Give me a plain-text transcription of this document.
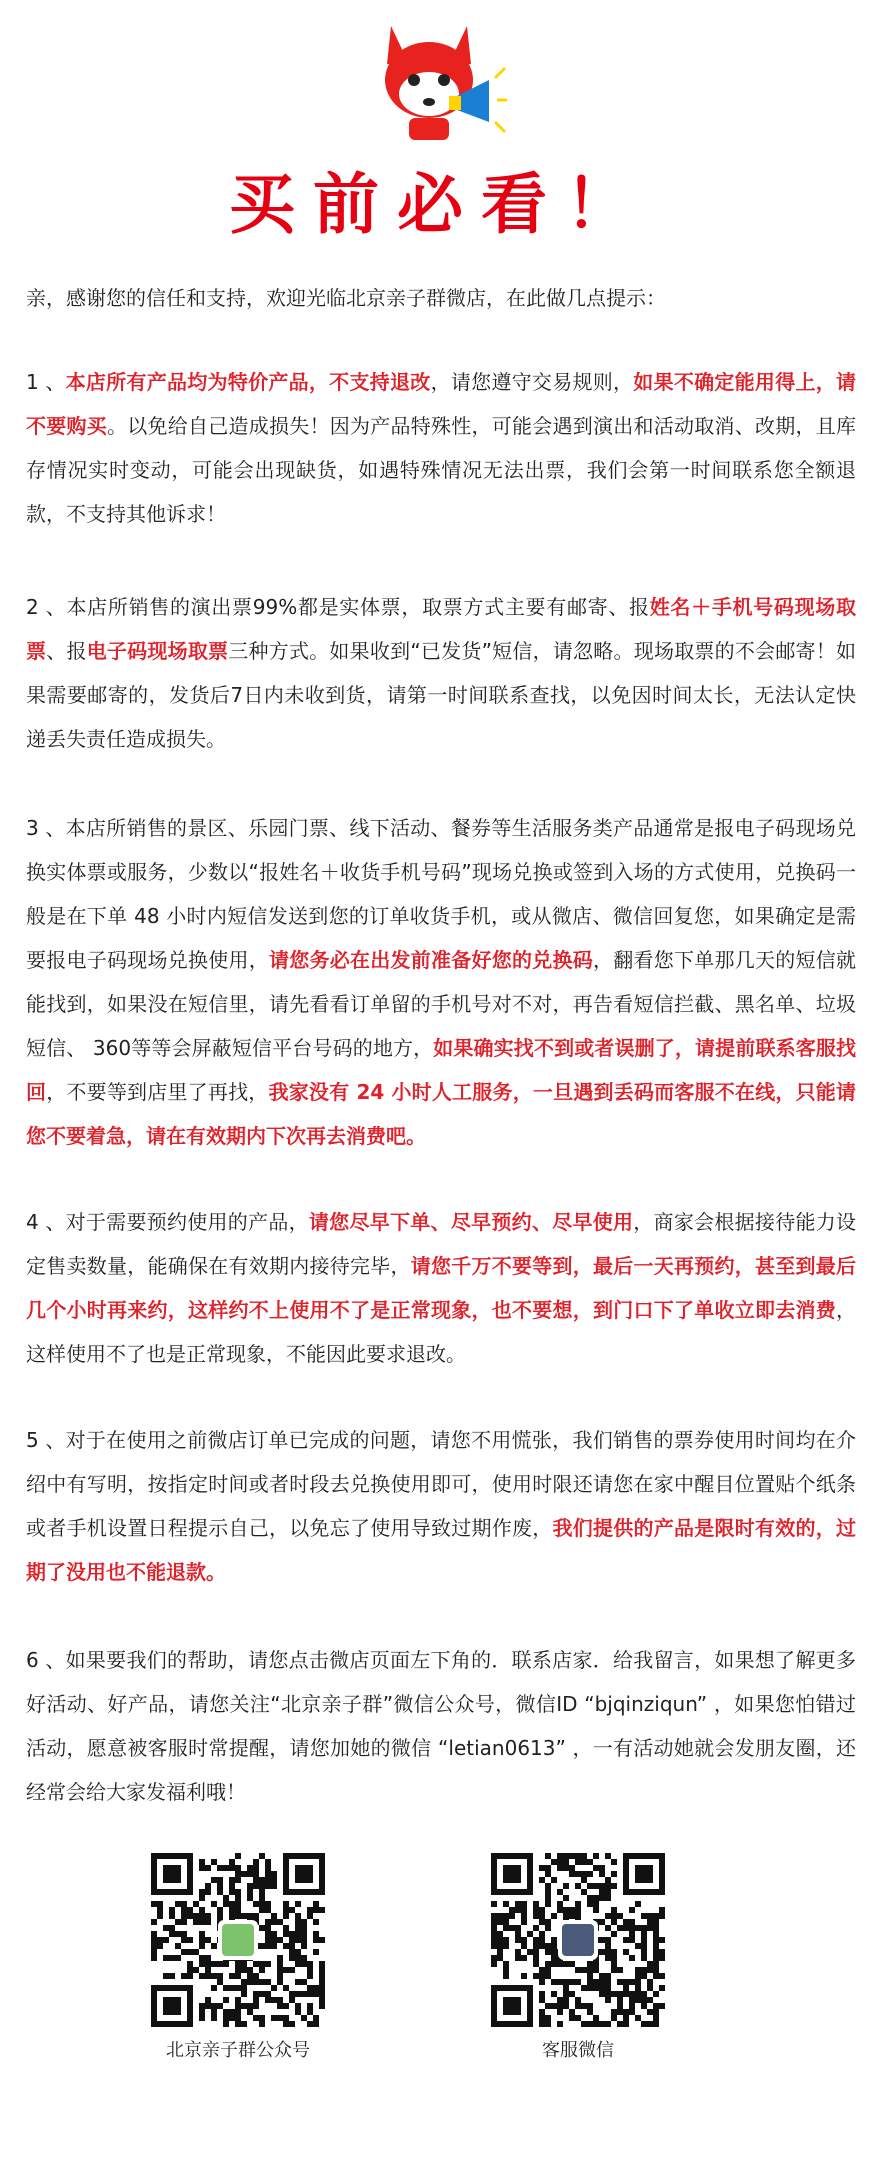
买前必看！
亲，感谢您的信任和支持，欢迎光临北京亲子群微店，在此做几点提示：

1 、本店所有产品均为特价产品，不支持退改，请您遵守交易规则，如果不确定能用得上，请不要购买。以免给自己造成损失！因为产品特殊性，可能会遇到演出和活动取消、改期，且库存情况实时变动，可能会出现缺货，如遇特殊情况无法出票，我们会第一时间联系您全额退款，不支持其他诉求！

2 、本店所销售的演出票99%都是实体票，取票方式主要有邮寄、报姓名＋手机号码现场取票、报电子码现场取票三种方式。如果收到“已发货”短信，请忽略。现场取票的不会邮寄！如果需要邮寄的，发货后7日内未收到货，请第一时间联系查找，以免因时间太长，无法认定快递丢失责任造成损失。

3 、本店所销售的景区、乐园门票、线下活动、餐券等生活服务类产品通常是报电子码现场兑换实体票或服务，少数以“报姓名＋收货手机号码”现场兑换或签到入场的方式使用，兑换码一般是在下单 48 小时内短信发送到您的订单收货手机，或从微店、微信回复您，如果确定是需要报电子码现场兑换使用，请您务必在出发前准备好您的兑换码，翻看您下单那几天的短信就能找到，如果没在短信里，请先看看订单留的手机号对不对，再告看短信拦截、黑名单、垃圾短信、 360等等会屏蔽短信平台号码的地方，如果确实找不到或者误删了，请提前联系客服找回，不要等到店里了再找，我家没有 24 小时人工服务，一旦遇到丢码而客服不在线，只能请您不要着急，请在有效期内下次再去消费吧。

4 、对于需要预约使用的产品，请您尽早下单、尽早预约、尽早使用，商家会根据接待能力设定售卖数量，能确保在有效期内接待完毕，请您千万不要等到，最后一天再预约，甚至到最后几个小时再来约，这样约不上使用不了是正常现象，也不要想，到门口下了单收立即去消费，这样使用不了也是正常现象，不能因此要求退改。

5 、对于在使用之前微店订单已完成的问题，请您不用慌张，我们销售的票券使用时间均在介绍中有写明，按指定时间或者时段去兑换使用即可，使用时限还请您在家中醒目位置贴个纸条或者手机设置日程提示自己，以免忘了使用导致过期作废，我们提供的产品是限时有效的，过期了没用也不能退款。

6 、如果要我们的帮助，请您点击微店页面左下角的．联系店家．给我留言，如果想了解更多好活动、好产品，请您关注“北京亲子群”微信公众号，微信ID “bjqinziqun” ，如果您怕错过活动，愿意被客服时常提醒，请您加她的微信 “letian0613” ，一有活动她就会发朋友圈，还经常会给大家发福利哦！

北京亲子群公众号	客服微信
